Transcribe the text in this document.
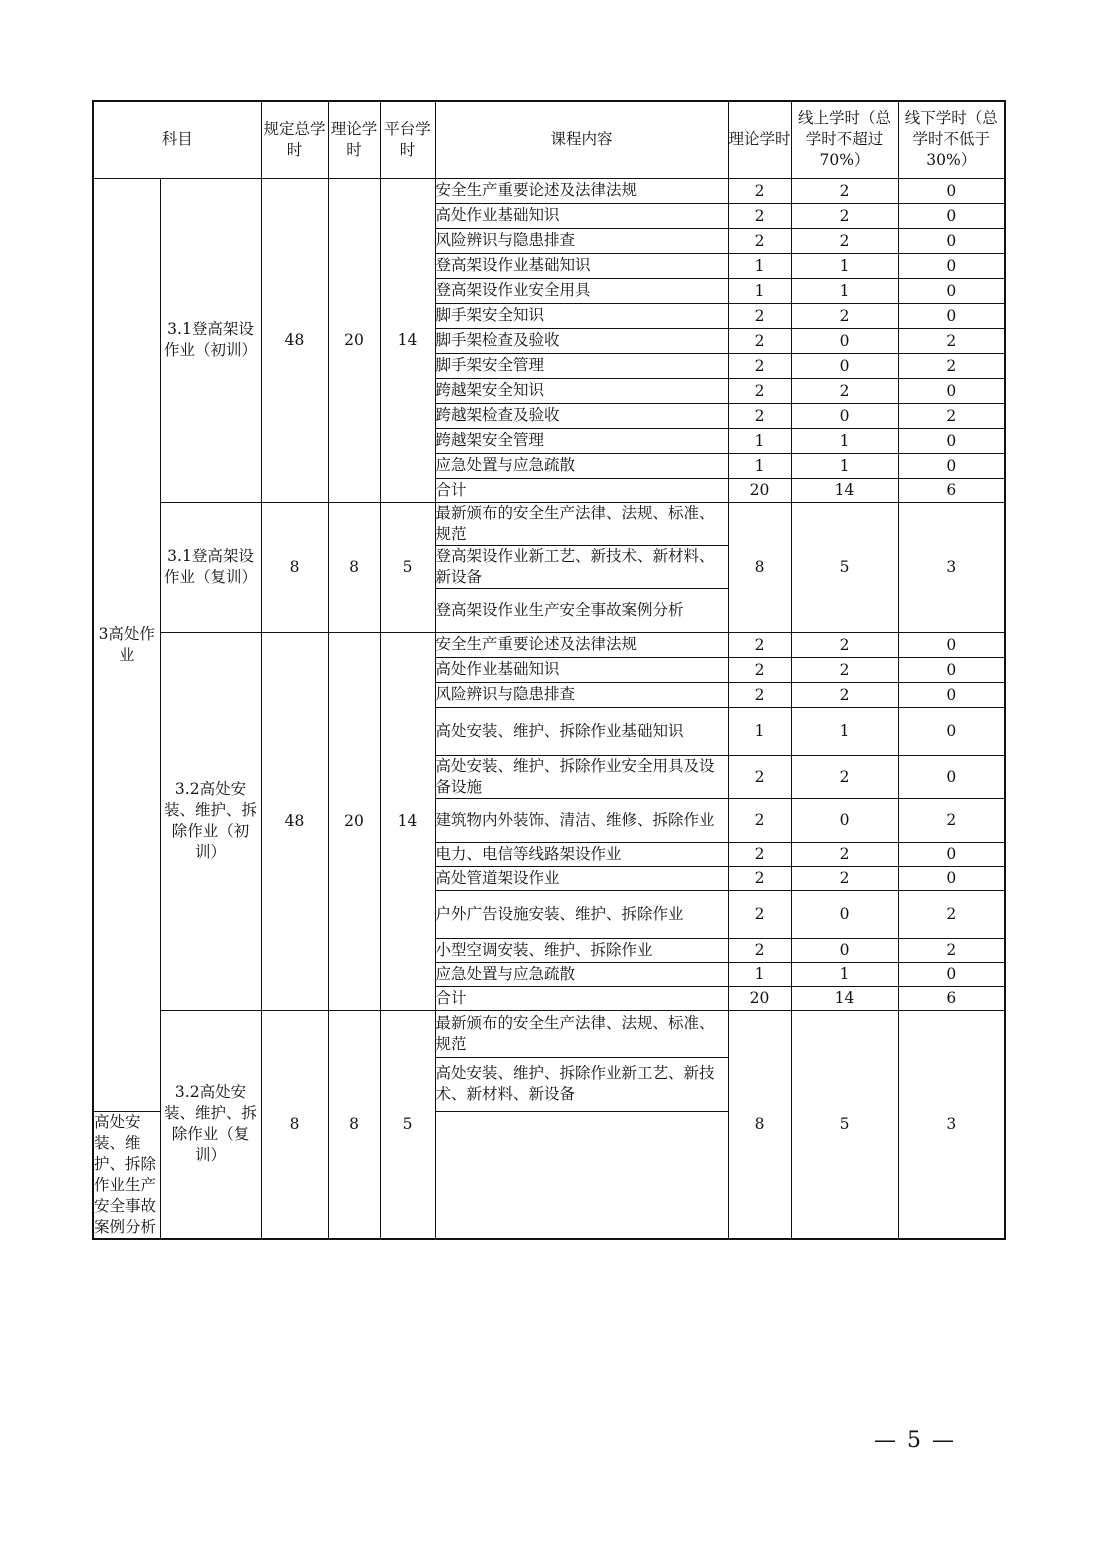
科目		规定总学时	理论学时	平台学时	课程内容	理论学时	线上学时（总学时不超过70%）	线下学时（总学时不低于30%）
3高处作业	3.1登高架设作业（初训）	48	20	14	安全生产重要论述及法律法规	2	2	0
					高处作业基础知识	2	2	0
					风险辨识与隐患排查	2	2	0
					登高架设作业基础知识	1	1	0
					登高架设作业安全用具	1	1	0
					脚手架安全知识	2	2	0
					脚手架检查及验收	2	0	2
					脚手架安全管理	2	0	2
					跨越架安全知识	2	2	0
					跨越架检查及验收	2	0	2
					跨越架安全管理	1	1	0
					应急处置与应急疏散	1	1	0
					合计	20	14	6
	3.1登高架设作业（复训）	8	8	5	最新颁布的安全生产法律、法规、标准、规范	8	5	3
					登高架设作业新工艺、新技术、新材料、新设备			
					登高架设作业生产安全事故案例分析			
	3.2高处安装、维护、拆除作业（初训）	48	20	14	安全生产重要论述及法律法规	2	2	0
					高处作业基础知识	2	2	0
					风险辨识与隐患排查	2	2	0
					高处安装、维护、拆除作业基础知识	1	1	0
					高处安装、维护、拆除作业安全用具及设备设施	2	2	0
					建筑物内外装饰、清洁、维修、拆除作业	2	0	2
					电力、电信等线路架设作业	2	2	0
					高处管道架设作业	2	2	0
					户外广告设施安装、维护、拆除作业	2	0	2
					小型空调安装、维护、拆除作业	2	0	2
					应急处置与应急疏散	1	1	0
					合计	20	14	6
	3.2高处安装、维护、拆除作业（复训）	8	8	5	最新颁布的安全生产法律、法规、标准、规范	8	5	3
					高处安装、维护、拆除作业新工艺、新技术、新材料、新设备			
高处安装、维护、拆除作业生产安全事故案例分析								
— 5 —
